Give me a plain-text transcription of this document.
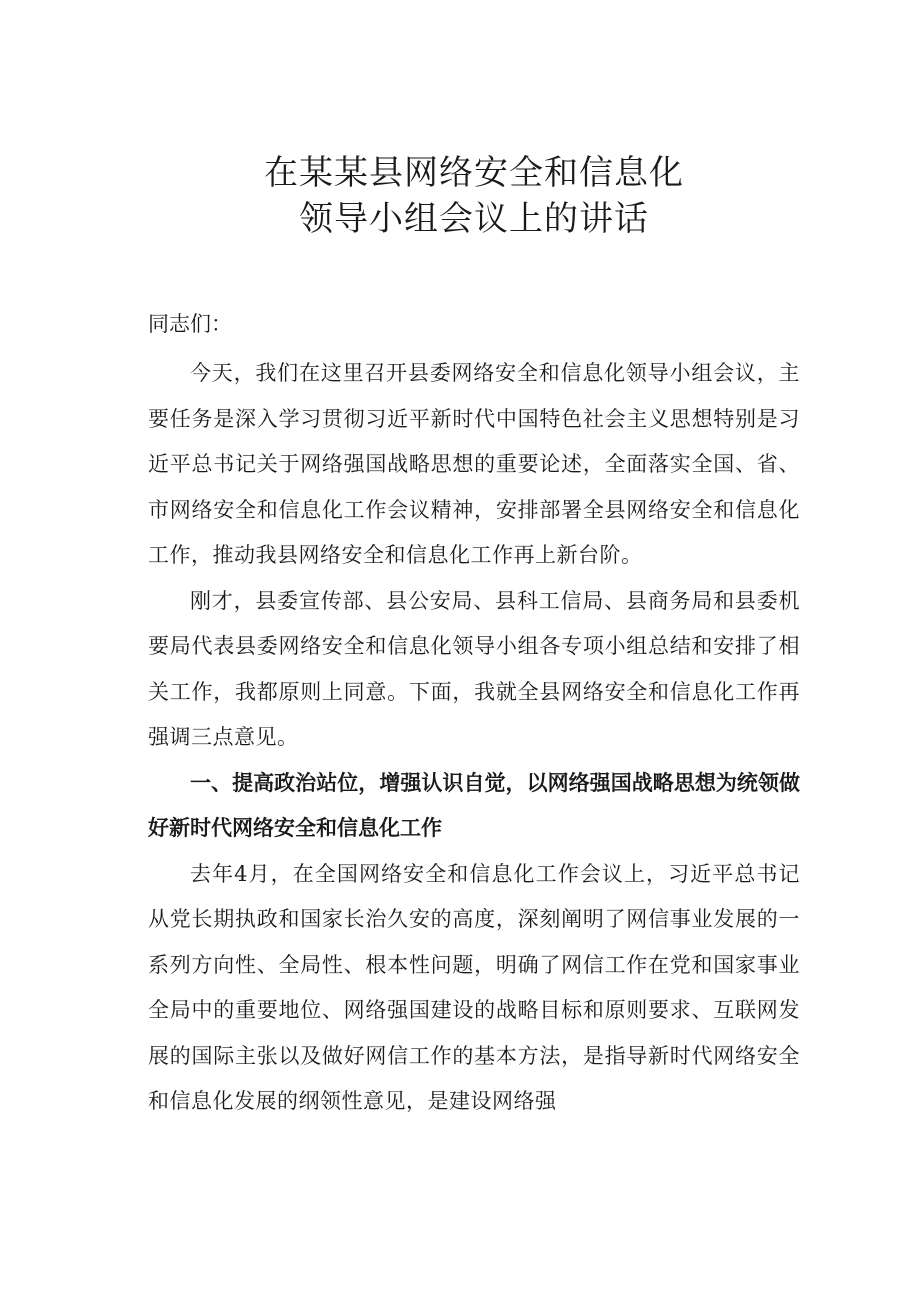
在某某县网络安全和信息化
领导小组会议上的讲话

同志们：

今天，我们在这里召开县委网络安全和信息化领导小组会议，主要任务是深入学习贯彻习近平新时代中国特色社会主义思想特别是习近平总书记关于网络强国战略思想的重要论述，全面落实全国、省、市网络安全和信息化工作会议精神，安排部署全县网络安全和信息化工作，推动我县网络安全和信息化工作再上新台阶。

刚才，县委宣传部、县公安局、县科工信局、县商务局和县委机要局代表县委网络安全和信息化领导小组各专项小组总结和安排了相关工作，我都原则上同意。下面，我就全县网络安全和信息化工作再强调三点意见。

一、提高政治站位，增强认识自觉，以网络强国战略思想为统领做好新时代网络安全和信息化工作

去年4月，在全国网络安全和信息化工作会议上，习近平总书记从党长期执政和国家长治久安的高度，深刻阐明了网信事业发展的一系列方向性、全局性、根本性问题，明确了网信工作在党和国家事业全局中的重要地位、网络强国建设的战略目标和原则要求、互联网发展的国际主张以及做好网信工作的基本方法，是指导新时代网络安全和信息化发展的纲领性意见，是建设网络强
